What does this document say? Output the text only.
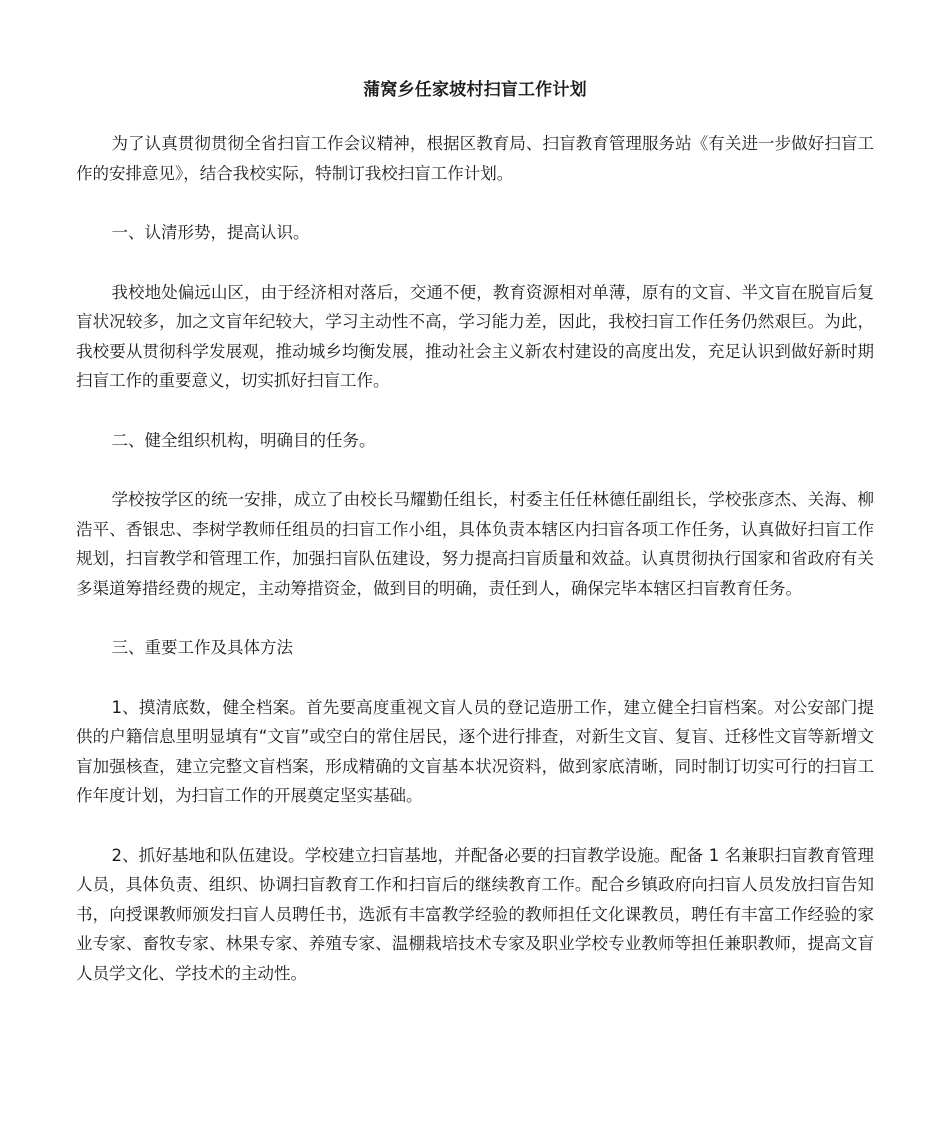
蒲窝乡任家坡村扫盲工作计划

为了认真贯彻贯彻全省扫盲工作会议精神，根据区教育局、扫盲教育管理服务站《有关进一步做好扫盲工作的安排意见》，结合我校实际，特制订我校扫盲工作计划。

一、认清形势，提高认识。

我校地处偏远山区，由于经济相对落后，交通不便，教育资源相对单薄，原有的文盲、半文盲在脱盲后复盲状况较多，加之文盲年纪较大，学习主动性不高，学习能力差，因此，我校扫盲工作任务仍然艰巨。为此，我校要从贯彻科学发展观，推动城乡均衡发展，推动社会主义新农村建设的高度出发，充足认识到做好新时期扫盲工作的重要意义，切实抓好扫盲工作。

二、健全组织机构，明确目的任务。

学校按学区的统一安排，成立了由校长马耀勤任组长，村委主任任林德任副组长，学校张彦杰、关海、柳浩平、香银忠、李树学教师任组员的扫盲工作小组，具体负责本辖区内扫盲各项工作任务，认真做好扫盲工作规划，扫盲教学和管理工作，加强扫盲队伍建设，努力提高扫盲质量和效益。认真贯彻执行国家和省政府有关多渠道筹措经费的规定，主动筹措资金，做到目的明确，责任到人，确保完毕本辖区扫盲教育任务。

三、重要工作及具体方法

1、摸清底数，健全档案。首先要高度重视文盲人员的登记造册工作，建立健全扫盲档案。对公安部门提供的户籍信息里明显填有“文盲”或空白的常住居民，逐个进行排查，对新生文盲、复盲、迁移性文盲等新增文盲加强核查，建立完整文盲档案，形成精确的文盲基本状况资料，做到家底清晰，同时制订切实可行的扫盲工作年度计划，为扫盲工作的开展奠定坚实基础。

2、抓好基地和队伍建设。学校建立扫盲基地，并配备必要的扫盲教学设施。配备 1 名兼职扫盲教育管理人员，具体负责、组织、协调扫盲教育工作和扫盲后的继续教育工作。配合乡镇政府向扫盲人员发放扫盲告知书，向授课教师颁发扫盲人员聘任书，选派有丰富教学经验的教师担任文化课教员，聘任有丰富工作经验的家业专家、畜牧专家、林果专家、养殖专家、温棚栽培技术专家及职业学校专业教师等担任兼职教师，提高文盲人员学文化、学技术的主动性。
